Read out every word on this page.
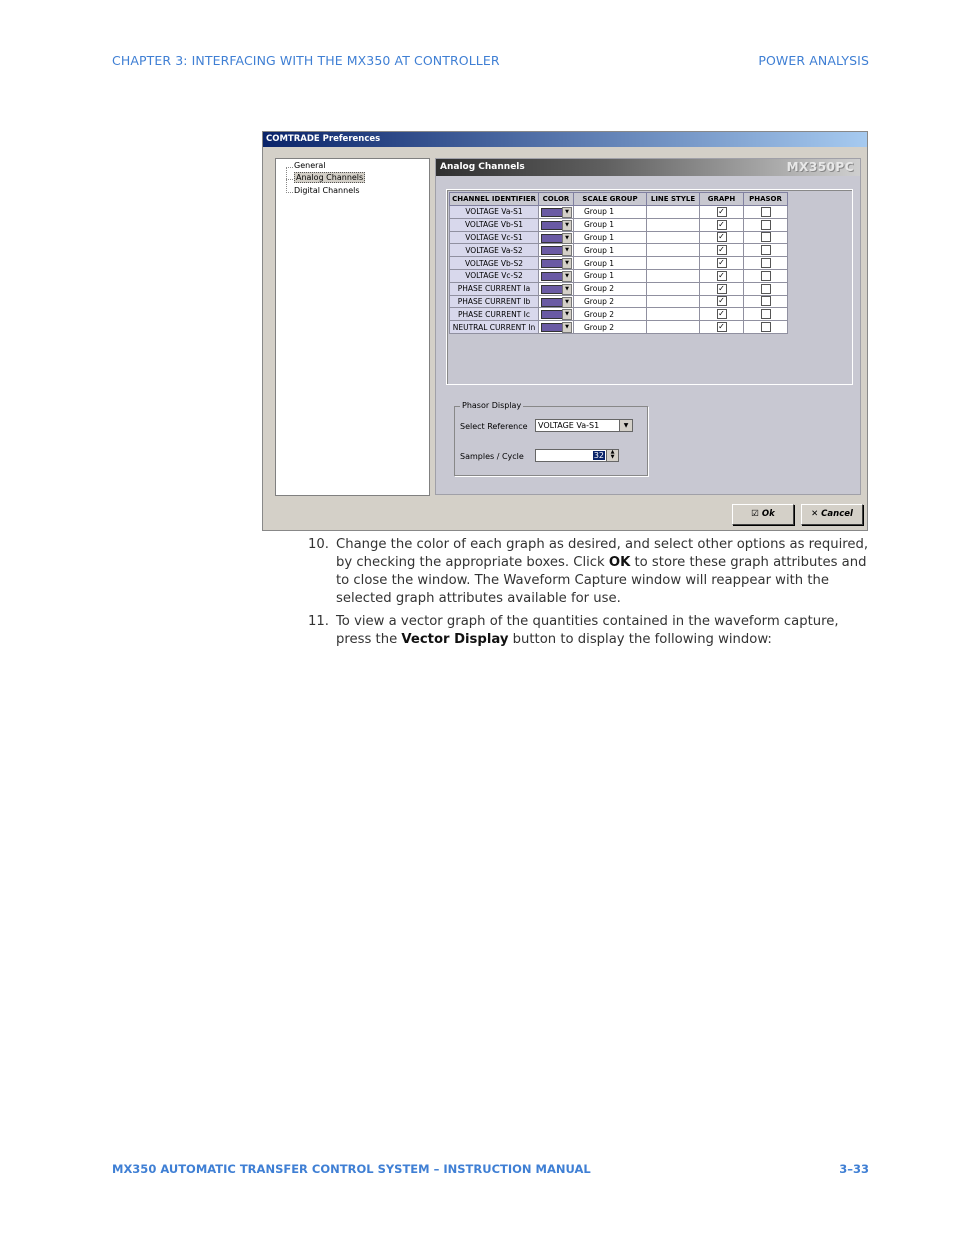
CHAPTER 3: INTERFACING WITH THE MX350 AT CONTROLLER	POWER ANALYSIS
COMTRADE Preferences
General
Analog Channels
Digital Channels
Analog Channels	MX350PC
CHANNEL IDENTIFIER	COLOR	SCALE GROUP	LINE STYLE	GRAPH	PHASOR
VOLTAGE Va-S1	▼	Group 1		✓	
VOLTAGE Vb-S1	▼	Group 1		✓	
VOLTAGE Vc-S1	▼	Group 1		✓	
VOLTAGE Va-S2	▼	Group 1		✓	
VOLTAGE Vb-S2	▼	Group 1		✓	
VOLTAGE Vc-S2	▼	Group 1		✓	
PHASE CURRENT Ia	▼	Group 2		✓	
PHASE CURRENT Ib	▼	Group 2		✓	
PHASE CURRENT Ic	▼	Group 2		✓	
NEUTRAL CURRENT In	▼	Group 2		✓	
Phasor Display
Select Reference	VOLTAGE Va-S1	▼
Samples / Cycle	32	▲
▼
☑ Ok	✕ Cancel
10. Change the color of each graph as desired, and select other options as required, by checking the appropriate boxes. Click OK to store these graph attributes and to close the window. The Waveform Capture window will reappear with the selected graph attributes available for use.
11. To view a vector graph of the quantities contained in the waveform capture, press the Vector Display button to display the following window:
MX350 AUTOMATIC TRANSFER CONTROL SYSTEM – INSTRUCTION MANUAL	3–33
